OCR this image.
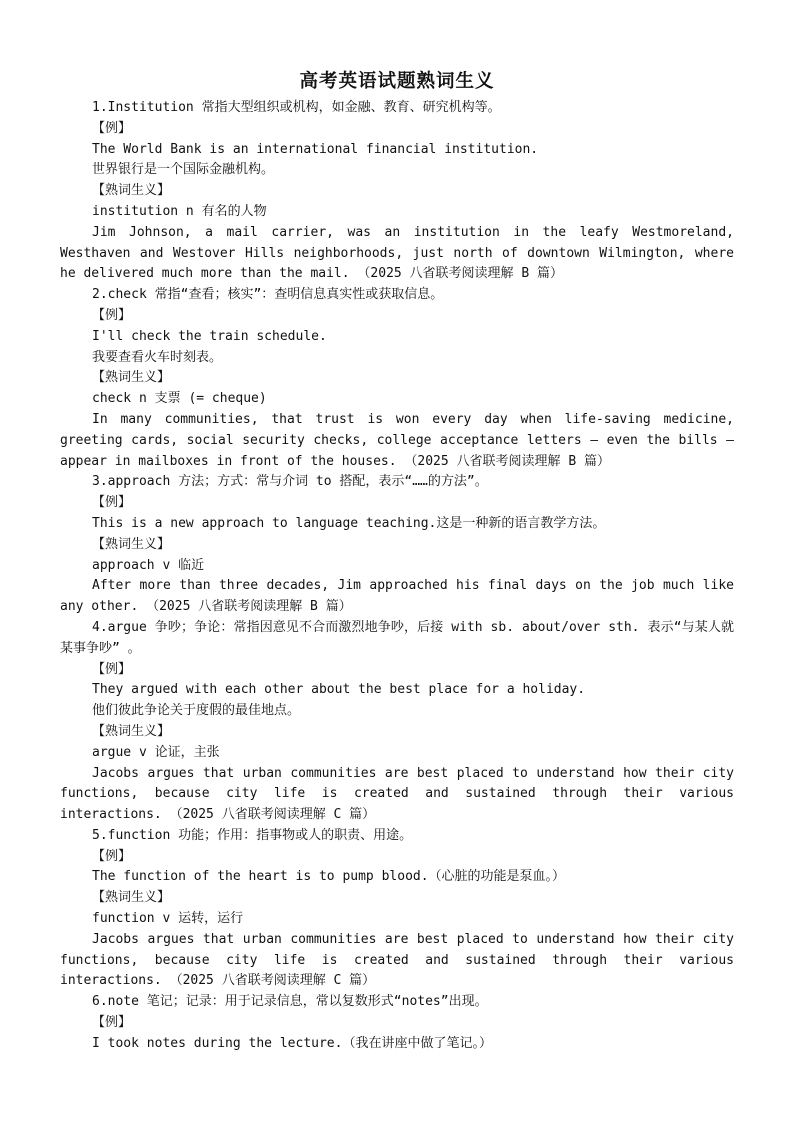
高考英语试题熟词生义
1.Institution 常指大型组织或机构，如金融、教育、研究机构等。
【例】
The World Bank is an international financial institution.
世界银行是一个国际金融机构。
【熟词生义】
institution n 有名的人物
Jim Johnson, a mail carrier, was an institution in the leafy Westmoreland, Westhaven and Westover Hills neighborhoods, just north of downtown Wilmington, where he delivered much more than the mail. （2025 八省联考阅读理解 B 篇）
2.check 常指“查看；核实”：查明信息真实性或获取信息。
【例】
I'll check the train schedule.
我要查看火车时刻表。
【熟词生义】
check n 支票 (= cheque)
In many communities, that trust is won every day when life-saving medicine, greeting cards, social security checks, college acceptance letters — even the bills — appear in mailboxes in front of the houses. （2025 八省联考阅读理解 B 篇）
3.approach 方法；方式：常与介词 to 搭配，表示“……的方法”。
【例】
This is a new approach to language teaching.这是一种新的语言教学方法。
【熟词生义】
approach v 临近
After more than three decades, Jim approached his final days on the job much like any other. （2025 八省联考阅读理解 B 篇）
4.argue 争吵；争论：常指因意见不合而激烈地争吵，后接 with sb. about/over sth. 表示“与某人就某事争吵” 。
【例】
They argued with each other about the best place for a holiday.
他们彼此争论关于度假的最佳地点。
【熟词生义】
argue v 论证，主张
Jacobs argues that urban communities are best placed to understand how their city functions, because city life is created and sustained through their various interactions. （2025 八省联考阅读理解 C 篇）
5.function 功能；作用：指事物或人的职责、用途。
【例】
The function of the heart is to pump blood.（心脏的功能是泵血。）
【熟词生义】
function v 运转，运行
Jacobs argues that urban communities are best placed to understand how their city functions, because city life is created and sustained through their various interactions. （2025 八省联考阅读理解 C 篇）
6.note 笔记；记录：用于记录信息，常以复数形式“notes”出现。
【例】
I took notes during the lecture.（我在讲座中做了笔记。）
